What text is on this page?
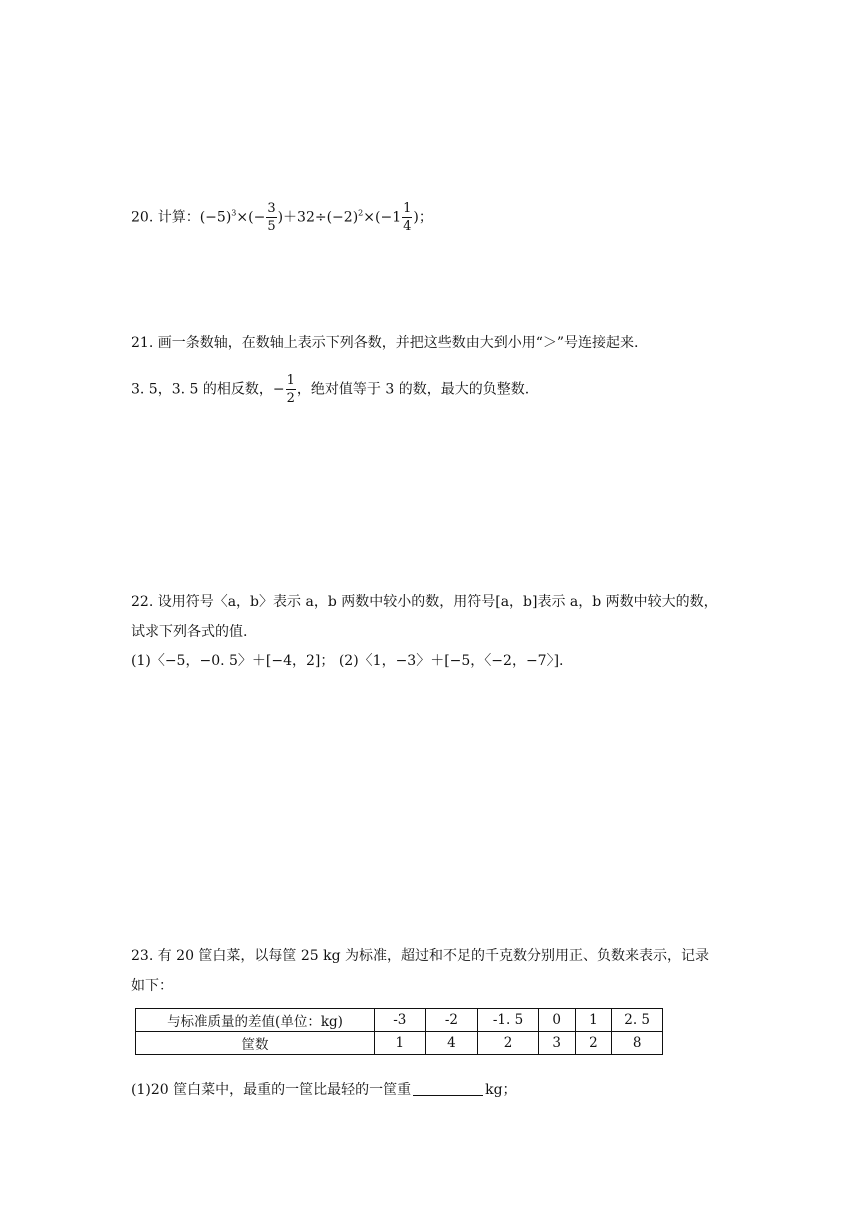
20. 计算：$(-5)^3\times(- \frac{3}{5} )+32\div(-2)^2\times(-1 \frac{1}{4}$ )；
21. 画一条数轴，在数轴上表示下列各数，并把这些数由大到小用“＞”号连接起来.
3. 5，3. 5 的相反数，− $\frac{1}{2}$ ，绝对值等于 3 的数，最大的负整数.
22. 设用符号〈a，b〉表示 a，b 两数中较小的数，用符号[a，b]表示 a，b 两数中较大的数，
试求下列各式的值.
(1)〈−5，−0. 5〉＋[−4，2]； (2)〈1，−3〉＋[−5，〈−2，−7〉].
23. 有 20 筐白菜，以每筐 25 kg 为标准，超过和不足的千克数分别用正、负数来表示，记录
如下：
与标准质量的差值(单位：kg)	-3	-2	-1. 5	0	1	2. 5
筐数	1	4	2	3	2	8
(1)20 筐白菜中，最重的一筐比最轻的一筐重	kg；
